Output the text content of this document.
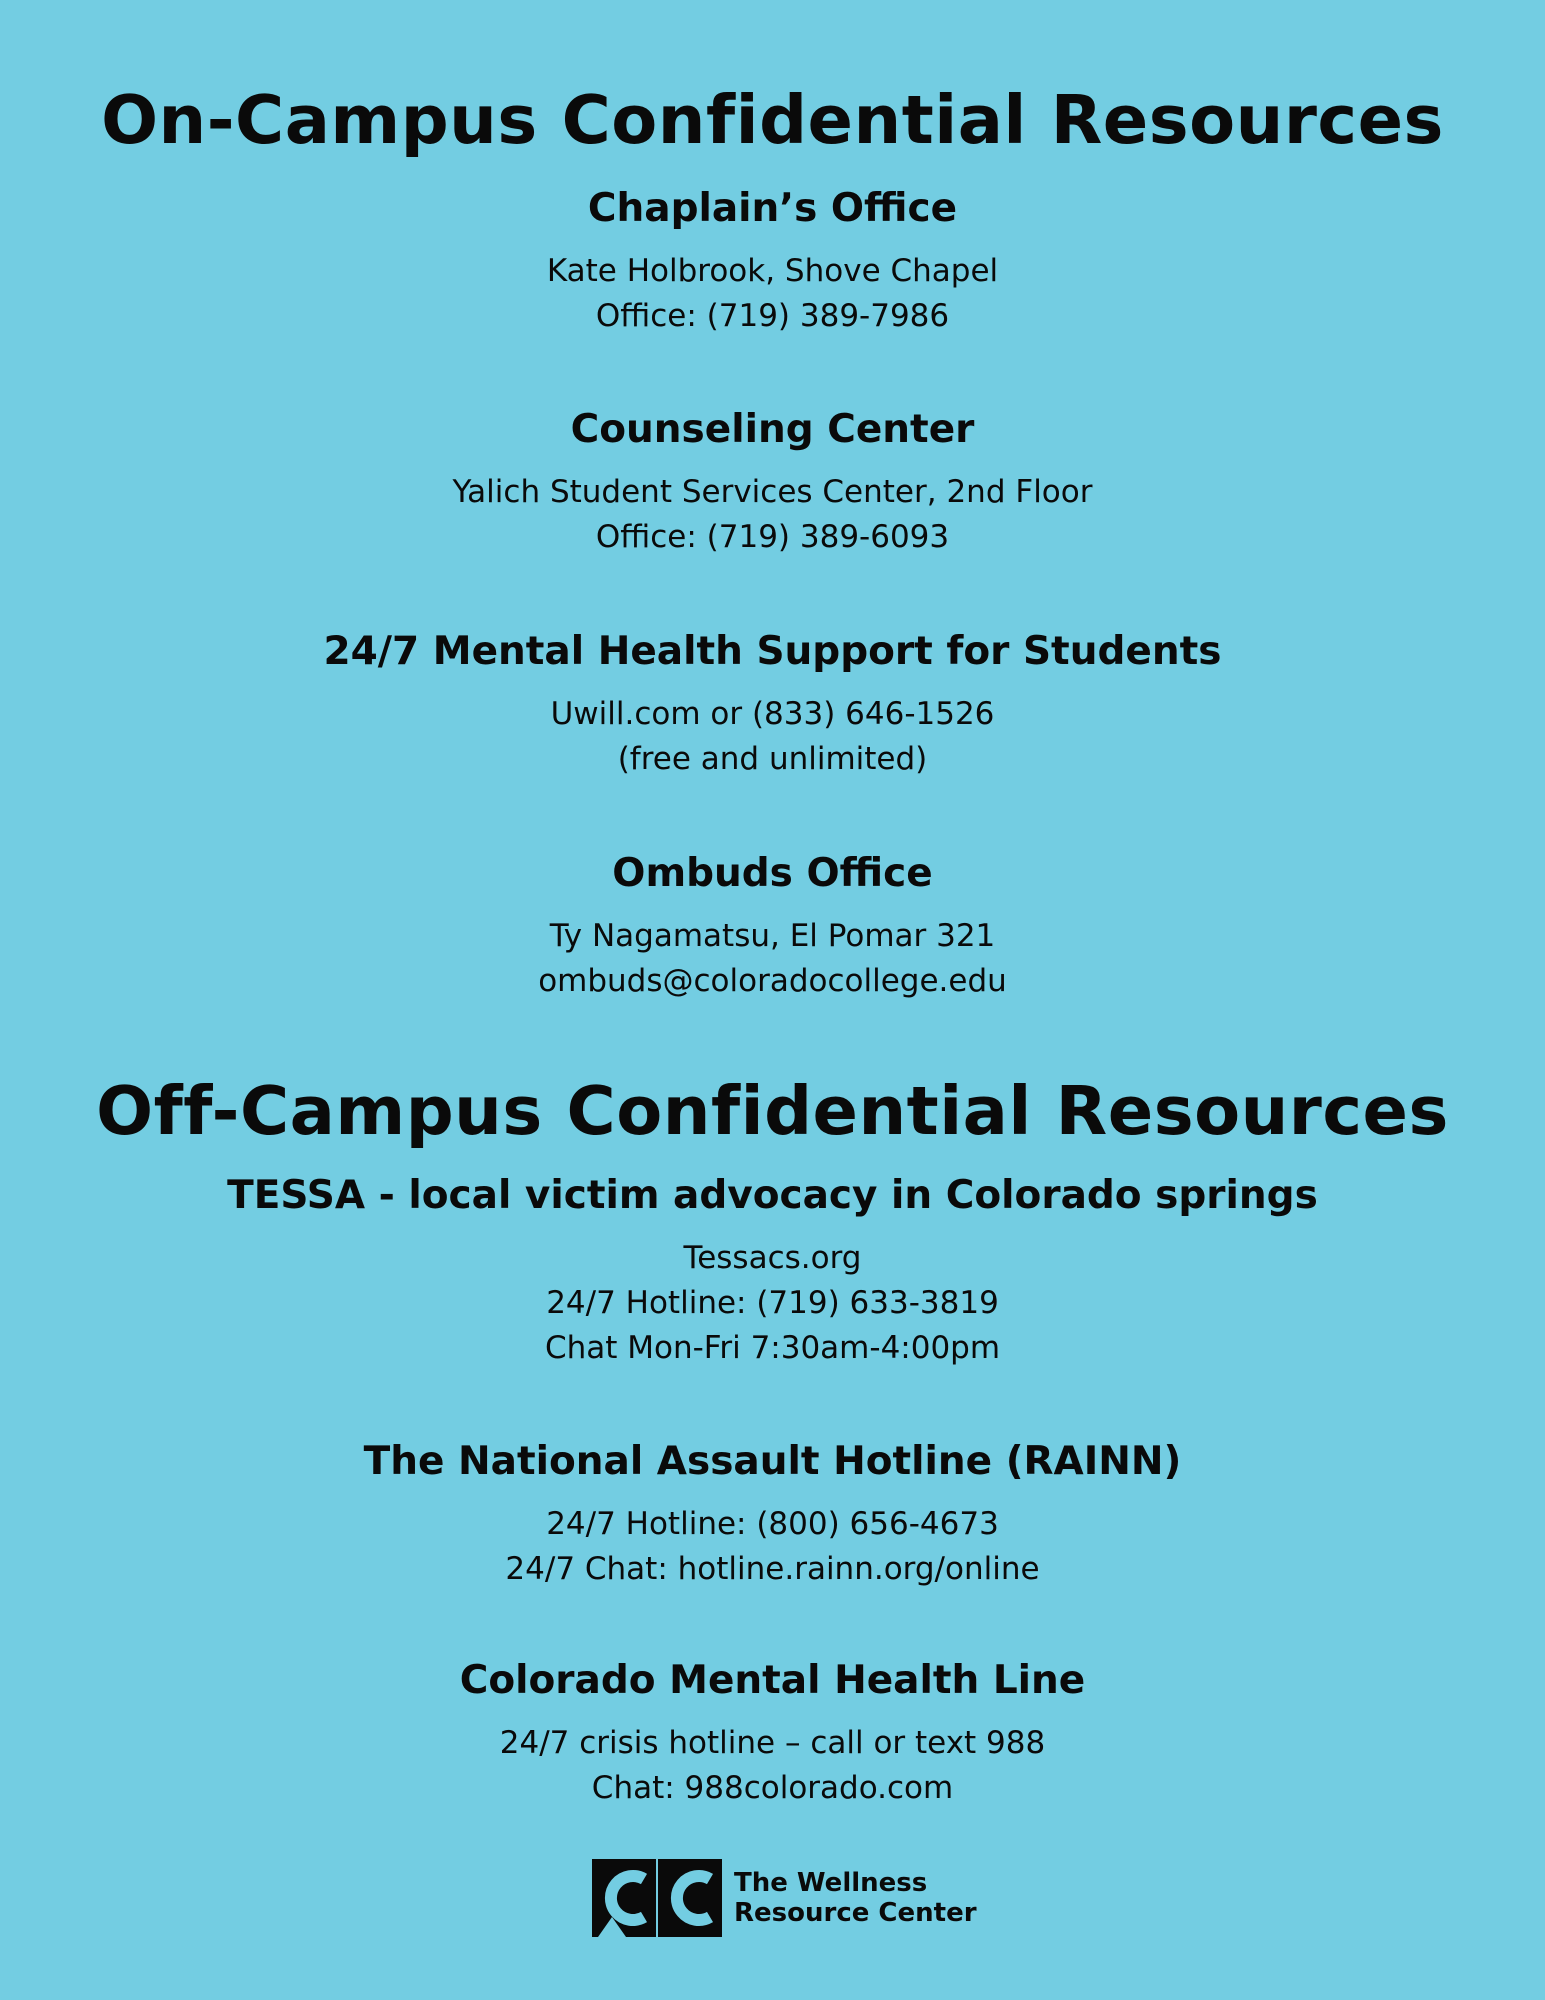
On-Campus Confidential Resources
Chaplain’s Office

Kate Holbrook, Shove Chapel

Office: (719) 389-7986

Counseling Center

Yalich Student Services Center, 2nd Floor

Office: (719) 389-6093

24/7 Mental Health Support for Students

Uwill.com or (833) 646-1526

(free and unlimited)

Ombuds Office

Ty Nagamatsu, El Pomar 321

ombuds@coloradocollege.edu

Off-Campus Confidential Resources
TESSA - local victim advocacy in Colorado springs

Tessacs.org

24/7 Hotline: (719) 633-3819

Chat Mon-Fri 7:30am-4:00pm

The National Assault Hotline (RAINN)

24/7 Hotline: (800) 656-4673

24/7 Chat: hotline.rainn.org/online

Colorado Mental Health Line

24/7 crisis hotline – call or text 988

Chat: 988colorado.com

The Wellness
Resource Center
